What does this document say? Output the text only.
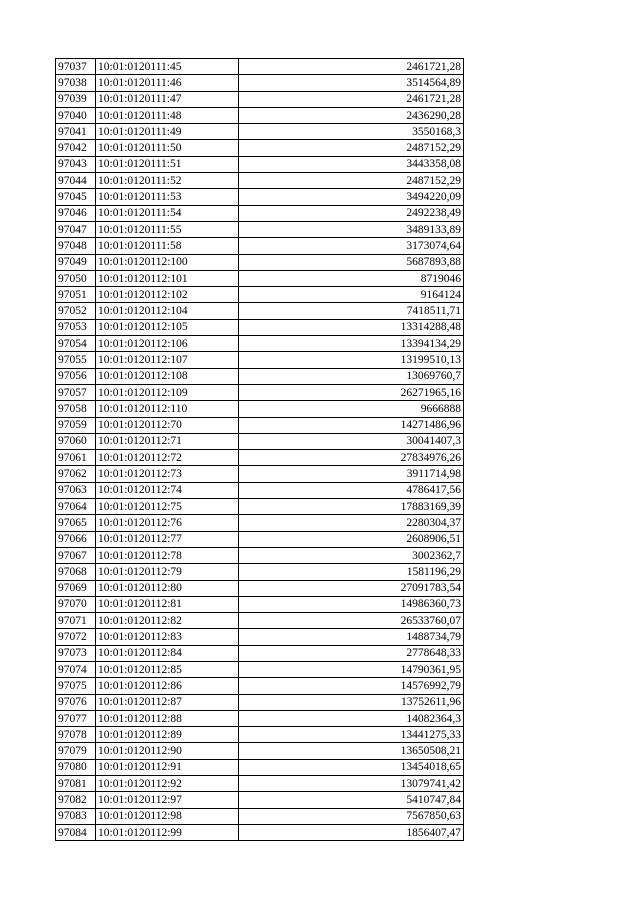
97037	10:01:0120111:45	2461721,28
97038	10:01:0120111:46	3514564,89
97039	10:01:0120111:47	2461721,28
97040	10:01:0120111:48	2436290,28
97041	10:01:0120111:49	3550168,3
97042	10:01:0120111:50	2487152,29
97043	10:01:0120111:51	3443358,08
97044	10:01:0120111:52	2487152,29
97045	10:01:0120111:53	3494220,09
97046	10:01:0120111:54	2492238,49
97047	10:01:0120111:55	3489133,89
97048	10:01:0120111:58	3173074,64
97049	10:01:0120112:100	5687893,88
97050	10:01:0120112:101	8719046
97051	10:01:0120112:102	9164124
97052	10:01:0120112:104	7418511,71
97053	10:01:0120112:105	13314288,48
97054	10:01:0120112:106	13394134,29
97055	10:01:0120112:107	13199510,13
97056	10:01:0120112:108	13069760,7
97057	10:01:0120112:109	26271965,16
97058	10:01:0120112:110	9666888
97059	10:01:0120112:70	14271486,96
97060	10:01:0120112:71	30041407,3
97061	10:01:0120112:72	27834976,26
97062	10:01:0120112:73	3911714,98
97063	10:01:0120112:74	4786417,56
97064	10:01:0120112:75	17883169,39
97065	10:01:0120112:76	2280304,37
97066	10:01:0120112:77	2608906,51
97067	10:01:0120112:78	3002362,7
97068	10:01:0120112:79	1581196,29
97069	10:01:0120112:80	27091783,54
97070	10:01:0120112:81	14986360,73
97071	10:01:0120112:82	26533760,07
97072	10:01:0120112:83	1488734,79
97073	10:01:0120112:84	2778648,33
97074	10:01:0120112:85	14790361,95
97075	10:01:0120112:86	14576992,79
97076	10:01:0120112:87	13752611,96
97077	10:01:0120112:88	14082364,3
97078	10:01:0120112:89	13441275,33
97079	10:01:0120112:90	13650508,21
97080	10:01:0120112:91	13454018,65
97081	10:01:0120112:92	13079741,42
97082	10:01:0120112:97	5410747,84
97083	10:01:0120112:98	7567850,63
97084	10:01:0120112:99	1856407,47
